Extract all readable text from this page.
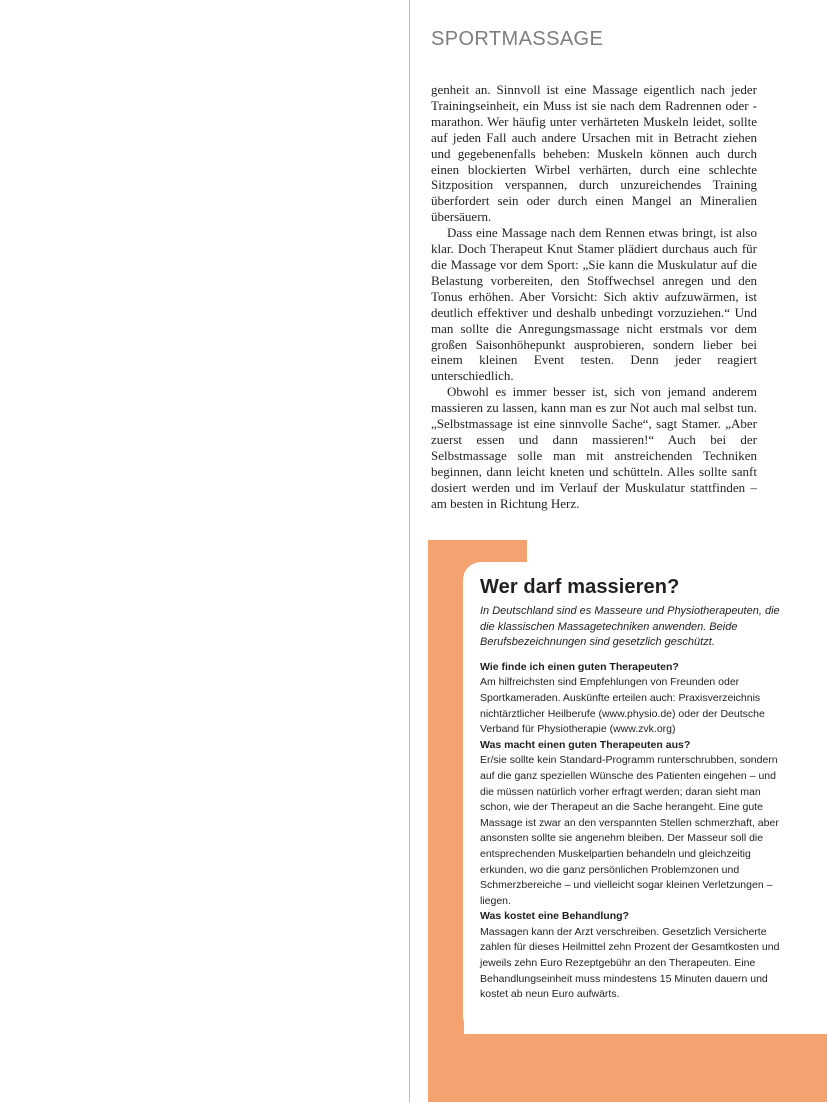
SPORTMASSAGE

genheit an. Sinnvoll ist eine Massage eigentlich nach jeder Trainingseinheit, ein Muss ist sie nach dem Radrennen oder -marathon. Wer häufig unter verhärteten Muskeln leidet, sollte auf jeden Fall auch andere Ursachen mit in Betracht ziehen und gegebenenfalls beheben: Muskeln können auch durch einen blockierten Wirbel verhärten, durch eine schlechte Sitzposition verspannen, durch unzureichendes Training überfordert sein oder durch einen Mangel an Mineralien übersäuern.

Dass eine Massage nach dem Rennen etwas bringt, ist also klar. Doch Therapeut Knut Stamer plädiert durchaus auch für die Massage vor dem Sport: „Sie kann die Muskulatur auf die Belastung vorbereiten, den Stoffwechsel anregen und den Tonus erhöhen. Aber Vorsicht: Sich aktiv aufzuwärmen, ist deutlich effektiver und deshalb unbedingt vorzuziehen.“ Und man sollte die Anregungsmassage nicht erstmals vor dem großen Saisonhöhepunkt ausprobieren, sondern lieber bei einem kleinen Event testen. Denn jeder reagiert unterschiedlich.

Obwohl es immer besser ist, sich von jemand anderem massieren zu lassen, kann man es zur Not auch mal selbst tun. „Selbstmassage ist eine sinnvolle Sache“, sagt Stamer. „Aber zuerst essen und dann massieren!“ Auch bei der Selbstmassage solle man mit anstreichenden Techniken beginnen, dann leicht kneten und schütteln. Alles sollte sanft dosiert werden und im Verlauf der Muskulatur stattfinden – am besten in Richtung Herz.

Wer darf massieren?

In Deutschland sind es Masseure und Physiotherapeuten, die die klassischen Massagetechniken anwenden. Beide Berufsbezeichnungen sind gesetzlich geschützt.

Wie finde ich einen guten Therapeuten?

Am hilfreichsten sind Empfehlungen von Freunden oder Sportkameraden. Auskünfte erteilen auch: Praxisverzeichnis nichtärztlicher Heilberufe (www.physio.de) oder der Deutsche Verband für Physiotherapie (www.zvk.org)

Was macht einen guten Therapeuten aus?

Er/sie sollte kein Standard-Programm runterschrubben, sondern auf die ganz speziellen Wünsche des Patienten eingehen – und die müssen natürlich vorher erfragt werden; daran sieht man schon, wie der Therapeut an die Sache herangeht. Eine gute Massage ist zwar an den verspannten Stellen schmerzhaft, aber ansonsten sollte sie angenehm bleiben. Der Masseur soll die entsprechenden Muskelpartien behandeln und gleichzeitig erkunden, wo die ganz persönlichen Problemzonen und Schmerzbereiche – und vielleicht sogar kleinen Verletzungen – liegen.

Was kostet eine Behandlung?

Massagen kann der Arzt verschreiben. Gesetzlich Versicherte zahlen für dieses Heilmittel zehn Prozent der Gesamtkosten und jeweils zehn Euro Rezeptgebühr an den Therapeuten. Eine Behandlungseinheit muss mindestens 15 Minuten dauern und kostet ab neun Euro aufwärts.
